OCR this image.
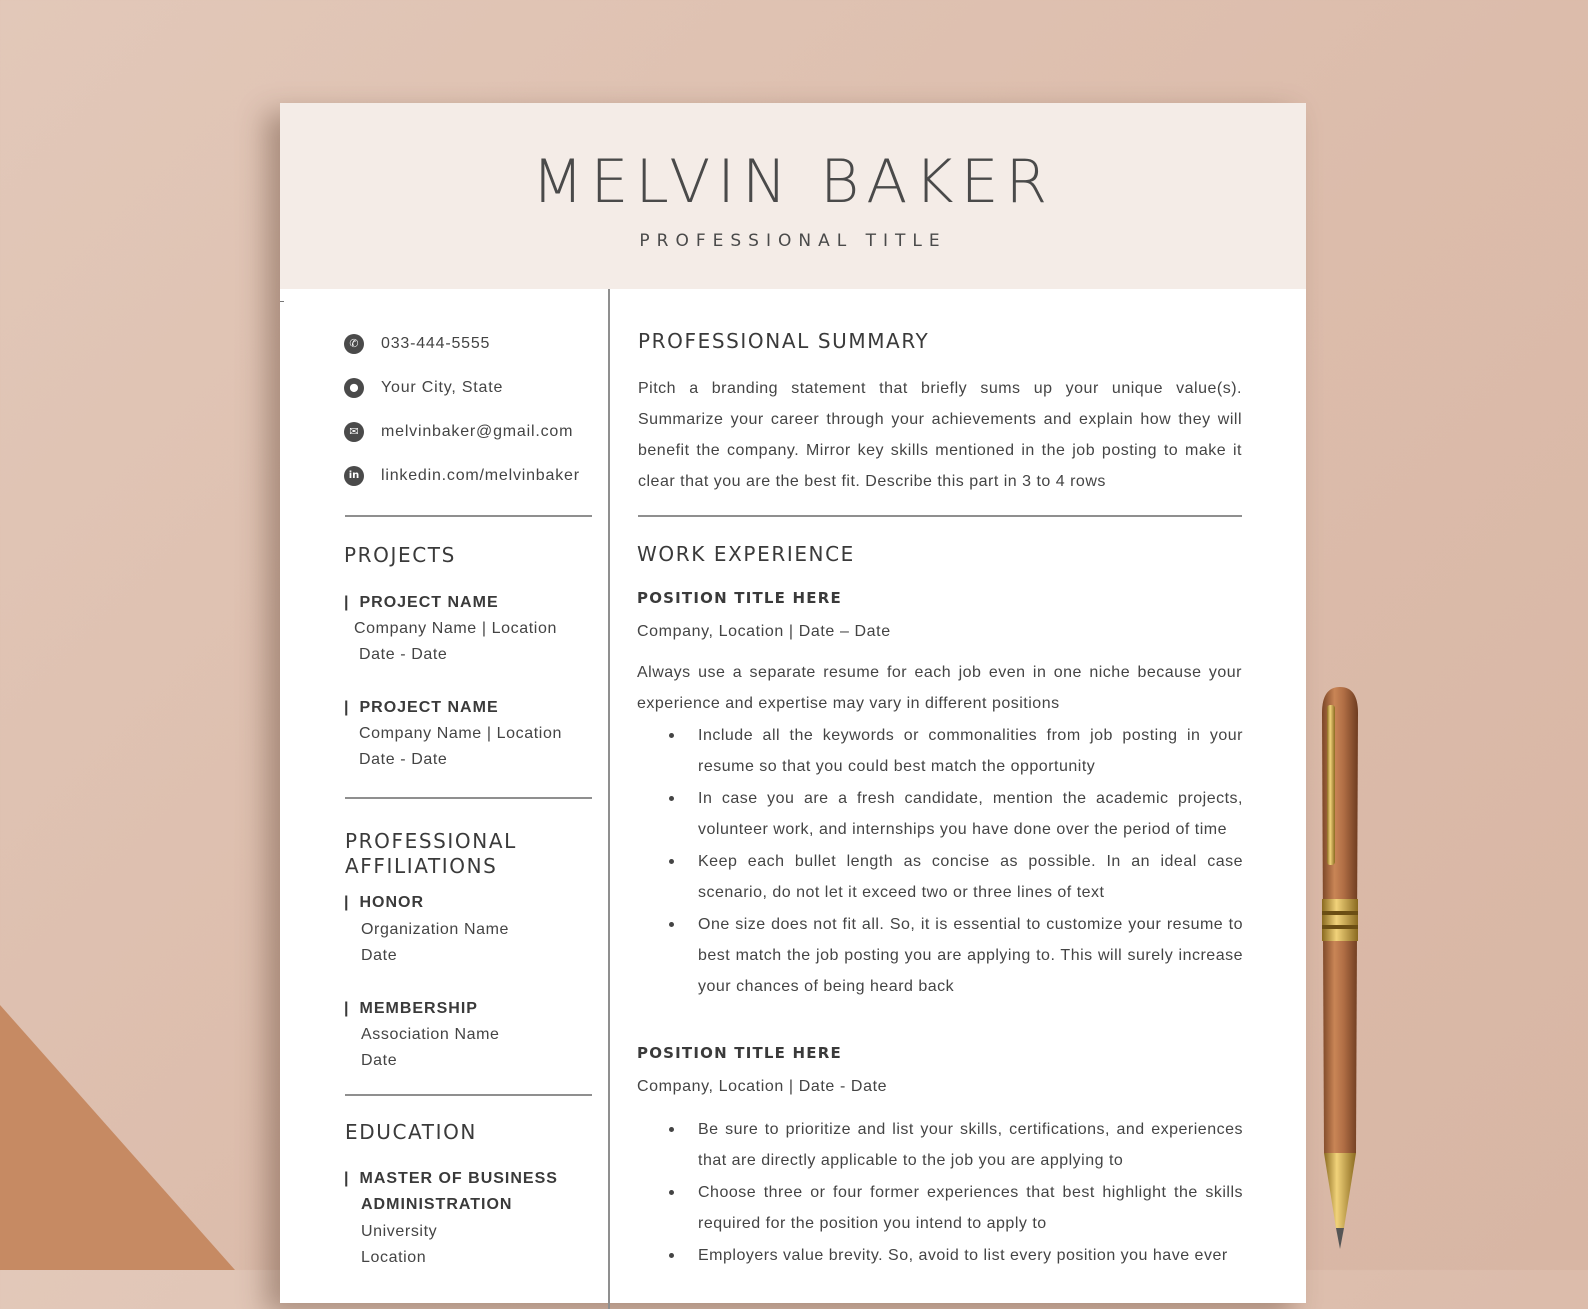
MELVIN BAKER
PROFESSIONAL TITLE
✆	033-444-5555
⬤	Your City, State
✉	melvinbaker@gmail.com
in linkedin.com/melvinbaker
PROJECTS
| PROJECT NAME
Company Name | Location
Date - Date
| PROJECT NAME
Company Name | Location
Date - Date
PROFESSIONAL
AFFILIATIONS
| HONOR
Organization Name
Date
| MEMBERSHIP
Association Name
Date
EDUCATION
| MASTER OF BUSINESS
ADMINISTRATION
University
Location
PROFESSIONAL SUMMARY
Pitch a branding statement that briefly sums up your unique value(s). Summarize your career through your achievements and explain how they will benefit the company. Mirror key skills mentioned in the job posting to make it clear that you are the best fit. Describe this part in 3 to 4 rows
WORK EXPERIENCE
POSITION TITLE HERE
Company, Location | Date – Date
Always use a separate resume for each job even in one niche because your experience and expertise may vary in different positions
Include all the keywords or commonalities from job posting in your resume so that you could best match the opportunity
In case you are a fresh candidate, mention the academic projects, volunteer work, and internships you have done over the period of time
Keep each bullet length as concise as possible. In an ideal case scenario, do not let it exceed two or three lines of text
One size does not fit all. So, it is essential to customize your resume to best match the job posting you are applying to. This will surely increase your chances of being heard back
POSITION TITLE HERE
Company, Location | Date - Date
Be sure to prioritize and list your skills, certifications, and experiences that are directly applicable to the job you are applying to
Choose three or four former experiences that best highlight the skills required for the position you intend to apply to
Employers value brevity. So, avoid to list every position you have ever
